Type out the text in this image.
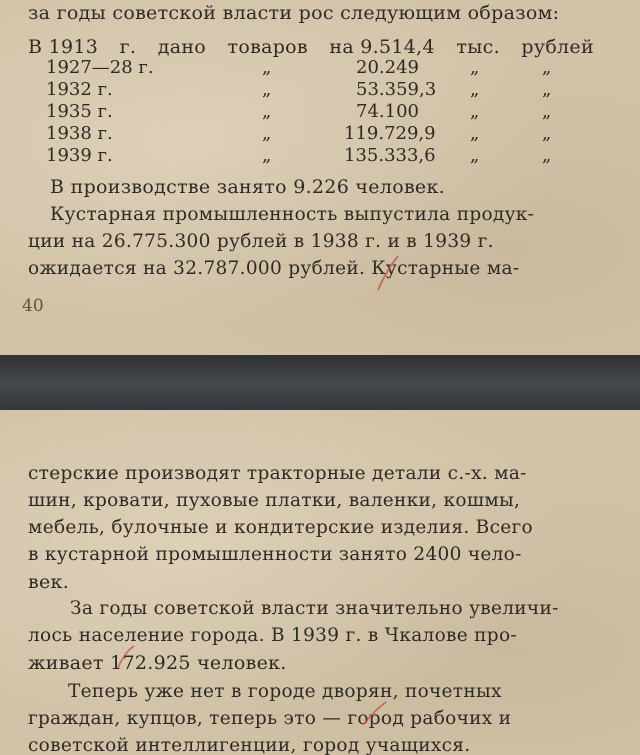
за годы советской власти рос следующим образом:
В 1913 г. дано товаров на 9.514,4 тыс. рублей
1927—28 г.	„	20.249	„	„
1932 г.	„	53.359,3 „	„
1935 г.	„	74.100	„	„
1938 г.	„	119.729,9 „	„
1939 г.	„	135.333,6 „	„
В производстве занято 9.226 человек.
Кустарная промышленность выпустила продук-
ции на 26.775.300 рублей в 1938 г. и в 1939 г.
ожидается на 32.787.000 рублей. Кустарные ма-
40
стерские производят тракторные детали с.-х. ма-
шин, кровати, пуховые платки, валенки, кошмы,
мебель, булочные и кондитерские изделия. Всего
в кустарной промышленности занято 2400 чело-
век.
За годы советской власти значительно увеличи-
лось население города. В 1939 г. в Чкалове про-
живает 172.925 человек.
Теперь уже нет в городе дворян, почетных
граждан, купцов, теперь это — город рабочих и
советской интеллигенции, город учащихся.
